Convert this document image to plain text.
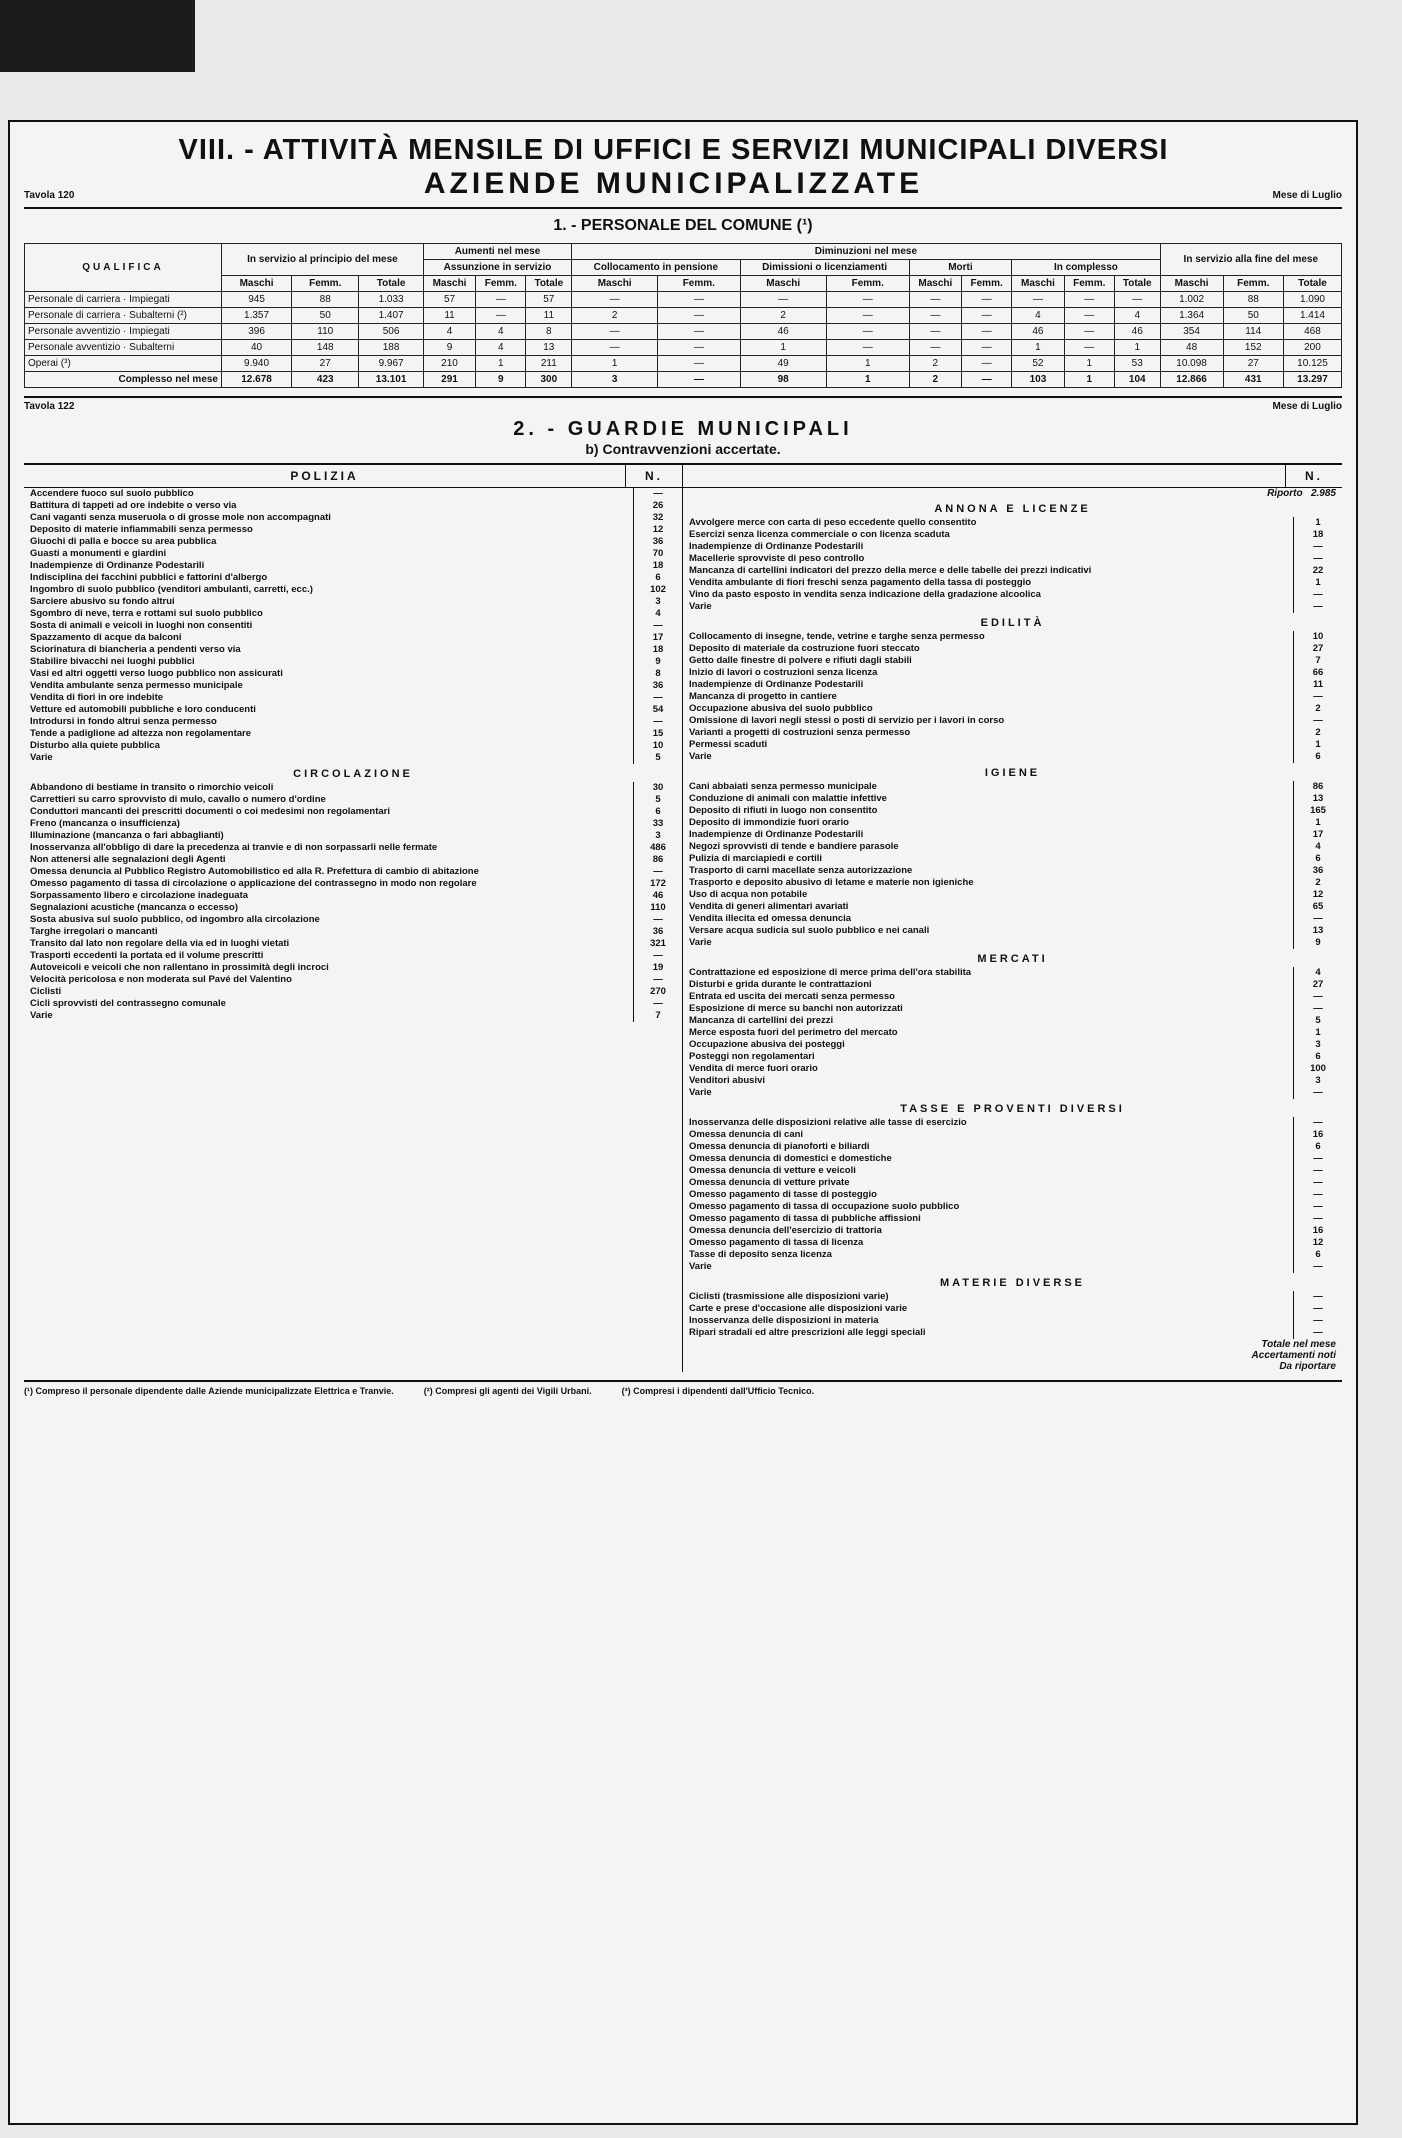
Tavola 120
VIII. - ATTIVITÀ MENSILE DI UFFICI E SERVIZI MUNICIPALI DIVERSI
AZIENDE MUNICIPALIZZATE	Mese di Luglio
1. - PERSONALE DEL COMUNE (¹)
QUALIFICA	In servizio al principio del mese			Aumenti nel mese			Diminuzioni nel mese									In servizio alla fine del mese		
				Assunzione in servizio			Collocamento in pensione		Dimissioni o licenziamenti		Morti		In complesso					
	Maschi	Femm.	Totale	Maschi	Femm.	Totale	Maschi	Femm.	Maschi	Femm.	Maschi	Femm.	Maschi	Femm.	Totale	Maschi	Femm.	Totale
Personale di carriera · Impiegati	945	88	1.033	57	—	57	—	—	—	—	—	—	—	—	—	1.002	88	1.090
Personale di carriera · Subalterni (²)	1.357	50	1.407	11	—	11	2	—	2	—	—	—	4	—	4	1.364	50	1.414
Personale avventizio · Impiegati	396	110	506	4	4	8	—	—	46	—	—	—	46	—	46	354	114	468
Personale avventizio · Subalterni	40	148	188	9	4	13	—	—	1	—	—	—	1	—	1	48	152	200
Operai (³)	9.940	27	9.967	210	1	211	1	—	49	1	2	—	52	1	53	10.098	27	10.125
Complesso nel mese	12.678	423	13.101	291	9	300	3	—	98	1	2	—	103	1	104	12.866	431	13.297
Tavola 122	Mese di Luglio
2. - GUARDIE MUNICIPALI
b) Contravvenzioni accertate.
POLIZIA	N.
Accendere fuoco sul suolo pubblico	—
Battitura di tappeti ad ore indebite o verso via	26
Cani vaganti senza museruola o di grosse mole non accompagnati	32
Deposito di materie infiammabili senza permesso	12
Giuochi di palla e bocce su area pubblica	36
Guasti a monumenti e giardini	70
Inadempienze di Ordinanze Podestarili	18
Indisciplina dei facchini pubblici e fattorini d'albergo	6
Ingombro di suolo pubblico (venditori ambulanti, carretti, ecc.)	102
Sarciere abusivo su fondo altrui	3
Sgombro di neve, terra e rottami sul suolo pubblico	4
Sosta di animali e veicoli in luoghi non consentiti	—
Spazzamento di acque da balconi	17
Sciorinatura di biancheria a pendenti verso via	18
Stabilire bivacchi nei luoghi pubblici	9
Vasi ed altri oggetti verso luogo pubblico non assicurati	8
Vendita ambulante senza permesso municipale	36
Vendita di fiori in ore indebite	—
Vetture ed automobili pubbliche e loro conducenti	54
Introdursi in fondo altrui senza permesso	—
Tende a padiglione ad altezza non regolamentare	15
Disturbo alla quiete pubblica	10
Varie	5
CIRCOLAZIONE
Abbandono di bestiame in transito o rimorchio veicoli	30
Carrettieri su carro sprovvisto di mulo, cavallo o numero d'ordine	5
Conduttori mancanti dei prescritti documenti o coi medesimi non regolamentari	6
Freno (mancanza o insufficienza)	33
Illuminazione (mancanza o fari abbaglianti)	3
Inosservanza all'obbligo di dare la precedenza ai tranvie e di non sorpassarli nelle fermate	486
Non attenersi alle segnalazioni degli Agenti	86
Omessa denuncia al Pubblico Registro Automobilistico ed alla R. Prefettura di cambio di abitazione	—
Omesso pagamento di tassa di circolazione o applicazione del contrassegno in modo non regolare	172
Sorpassamento libero e circolazione inadeguata	46
Segnalazioni acustiche (mancanza o eccesso)	110
Sosta abusiva sul suolo pubblico, od ingombro alla circolazione	—
Targhe irregolari o mancanti	36
Transito dal lato non regolare della via ed in luoghi vietati	321
Trasporti eccedenti la portata ed il volume prescritti	—
Autoveicoli e veicoli che non rallentano in prossimità degli incroci	19
Velocità pericolosa e non moderata sul Pavé del Valentino	—
Ciclisti	270
Cicli sprovvisti del contrassegno comunale	—
Varie	7
N.
Riporto 2.985
ANNONA E LICENZE
Avvolgere merce con carta di peso eccedente quello consentito	1
Esercizi senza licenza commerciale o con licenza scaduta	18
Inadempienze di Ordinanze Podestarili	—
Macellerie sprovviste di peso controllo	—
Mancanza di cartellini indicatori del prezzo della merce e delle tabelle dei prezzi indicativi	22
Vendita ambulante di fiori freschi senza pagamento della tassa di posteggio	1
Vino da pasto esposto in vendita senza indicazione della gradazione alcoolica	—
Varie	—
EDILITÀ
Collocamento di insegne, tende, vetrine e targhe senza permesso	10
Deposito di materiale da costruzione fuori steccato	27
Getto dalle finestre di polvere e rifiuti dagli stabili	7
Inizio di lavori o costruzioni senza licenza	66
Inadempienze di Ordinanze Podestarili	11
Mancanza di progetto in cantiere	—
Occupazione abusiva del suolo pubblico	2
Omissione di lavori negli stessi o posti di servizio per i lavori in corso	—
Varianti a progetti di costruzioni senza permesso	2
Permessi scaduti	1
Varie	6
IGIENE
Cani abbaiati senza permesso municipale	86
Conduzione di animali con malattie infettive	13
Deposito di rifiuti in luogo non consentito	165
Deposito di immondizie fuori orario	1
Inadempienze di Ordinanze Podestarili	17
Negozi sprovvisti di tende e bandiere parasole	4
Pulizia di marciapiedi e cortili	6
Trasporto di carni macellate senza autorizzazione	36
Trasporto e deposito abusivo di letame e materie non igieniche	2
Uso di acqua non potabile	12
Vendita di generi alimentari avariati	65
Vendita illecita ed omessa denuncia	—
Versare acqua sudicia sul suolo pubblico e nei canali	13
Varie	9
MERCATI
Contrattazione ed esposizione di merce prima dell'ora stabilita	4
Disturbi e grida durante le contrattazioni	27
Entrata ed uscita dei mercati senza permesso	—
Esposizione di merce su banchi non autorizzati	—
Mancanza di cartellini dei prezzi	5
Merce esposta fuori del perimetro del mercato	1
Occupazione abusiva dei posteggi	3
Posteggi non regolamentari	6
Vendita di merce fuori orario	100
Venditori abusivi	3
Varie	—
TASSE E PROVENTI DIVERSI
Inosservanza delle disposizioni relative alle tasse di esercizio	—
Omessa denuncia di cani	16
Omessa denuncia di pianoforti e biliardi	6
Omessa denuncia di domestici e domestiche	—
Omessa denuncia di vetture e veicoli	—
Omessa denuncia di vetture private	—
Omesso pagamento di tasse di posteggio	—
Omesso pagamento di tassa di occupazione suolo pubblico	—
Omesso pagamento di tassa di pubbliche affissioni	—
Omessa denuncia dell'esercizio di trattoria	16
Omesso pagamento di tassa di licenza	12
Tasse di deposito senza licenza	6
Varie	—
MATERIE DIVERSE
Ciclisti (trasmissione alle disposizioni varie)	—
Carte e prese d'occasione alle disposizioni varie	—
Inosservanza delle disposizioni in materia	—
Ripari stradali ed altre prescrizioni alle leggi speciali	—
Totale nel mese
Accertamenti noti
Da riportare
(¹) Compreso il personale dipendente dalle Aziende municipalizzate Elettrica e Tranvie.	(²) Compresi gli agenti dei Vigili Urbani.	(³) Compresi i dipendenti dall'Ufficio Tecnico.
